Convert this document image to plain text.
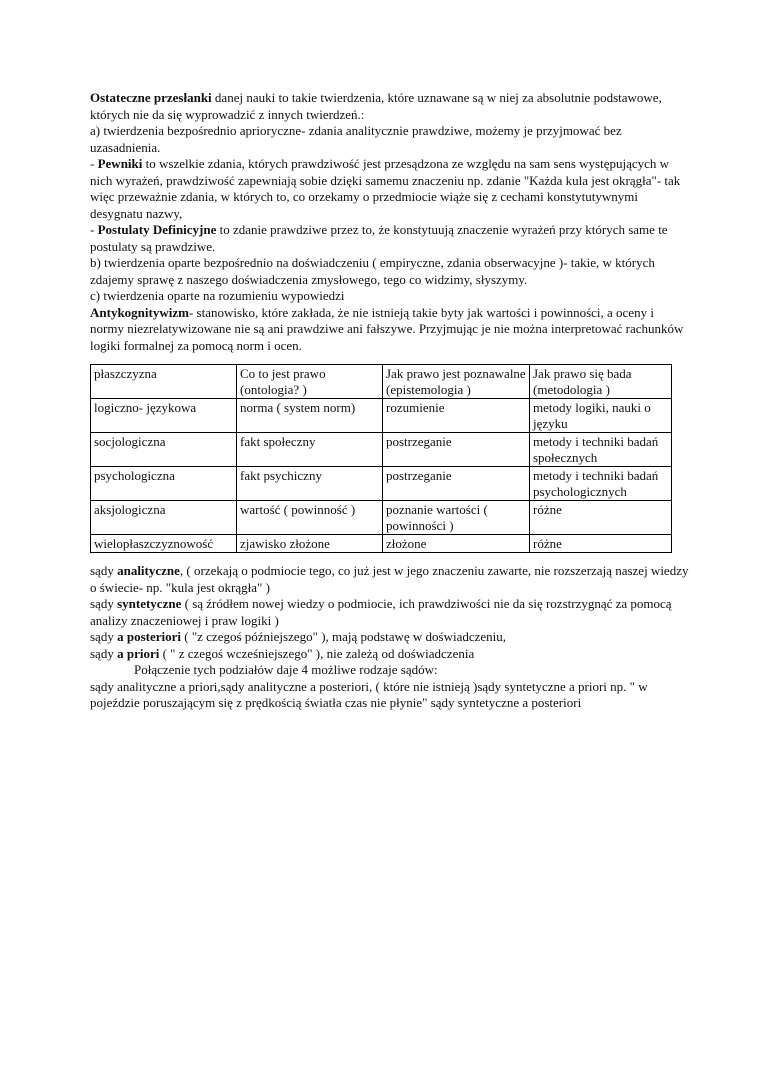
Ostateczne przesłanki danej nauki to takie twierdzenia, które uznawane są w niej za absolutnie podstawowe, których nie da się wyprowadzić z innych twierdzeń.:

a) twierdzenia bezpośrednio aprioryczne- zdania analitycznie prawdziwe, możemy je przyjmować bez uzasadnienia.

- Pewniki to wszelkie zdania, których prawdziwość jest przesądzona ze względu na sam sens występujących w nich wyrażeń, prawdziwość zapewniają sobie dzięki samemu znaczeniu np. zdanie "Każda kula jest okrągła"- tak więc przeważnie zdania, w których to, co orzekamy o przedmiocie wiąże się z cechami konstytutywnymi desygnatu nazwy,

- Postulaty Definicyjne to zdanie prawdziwe przez to, że konstytuują znaczenie wyrażeń przy których same te postulaty są prawdziwe.

b) twierdzenia oparte bezpośrednio na doświadczeniu ( empiryczne, zdania obserwacyjne )- takie, w których zdajemy sprawę z naszego doświadczenia zmysłowego, tego co widzimy, słyszymy.

c) twierdzenia oparte na rozumieniu wypowiedzi

Antykognitywizm- stanowisko, które zakłada, że nie istnieją takie byty jak wartości i powinności, a oceny i normy niezrelatywizowane nie są ani prawdziwe ani fałszywe. Przyjmując je nie można interpretować rachunków logiki formalnej za pomocą norm i ocen.

płaszczyzna	Co to jest prawo (ontologia? )	Jak prawo jest poznawalne (epistemologia )	Jak prawo się bada (metodologia )
logiczno- językowa	norma ( system norm)	rozumienie	metody logiki, nauki o języku
socjologiczna	fakt społeczny	postrzeganie	metody i techniki badań społecznych
psychologiczna	fakt psychiczny	postrzeganie	metody i techniki badań psychologicznych
aksjologiczna	wartość ( powinność )	poznanie wartości ( powinności )	różne
wielopłaszczyznowość	zjawisko złożone	złożone	różne

sądy analityczne, ( orzekają o podmiocie tego, co już jest w jego znaczeniu zawarte, nie rozszerzają naszej wiedzy o świecie- np. "kula jest okrągła" )

sądy syntetyczne ( są źródłem nowej wiedzy o podmiocie, ich prawdziwości nie da się rozstrzygnąć za pomocą analizy znaczeniowej i praw logiki )

sądy a posteriori ( "z czegoś późniejszego" ), mają podstawę w doświadczeniu,

sądy a priori ( " z czegoś wcześniejszego" ), nie zależą od doświadczenia

Połączenie tych podziałów daje 4 możliwe rodzaje sądów:

sądy analityczne a priori,sądy analityczne a posteriori, ( które nie istnieją )sądy syntetyczne a priori np. " w pojeździe poruszającym się z prędkością światła czas nie płynie" sądy syntetyczne a posteriori
